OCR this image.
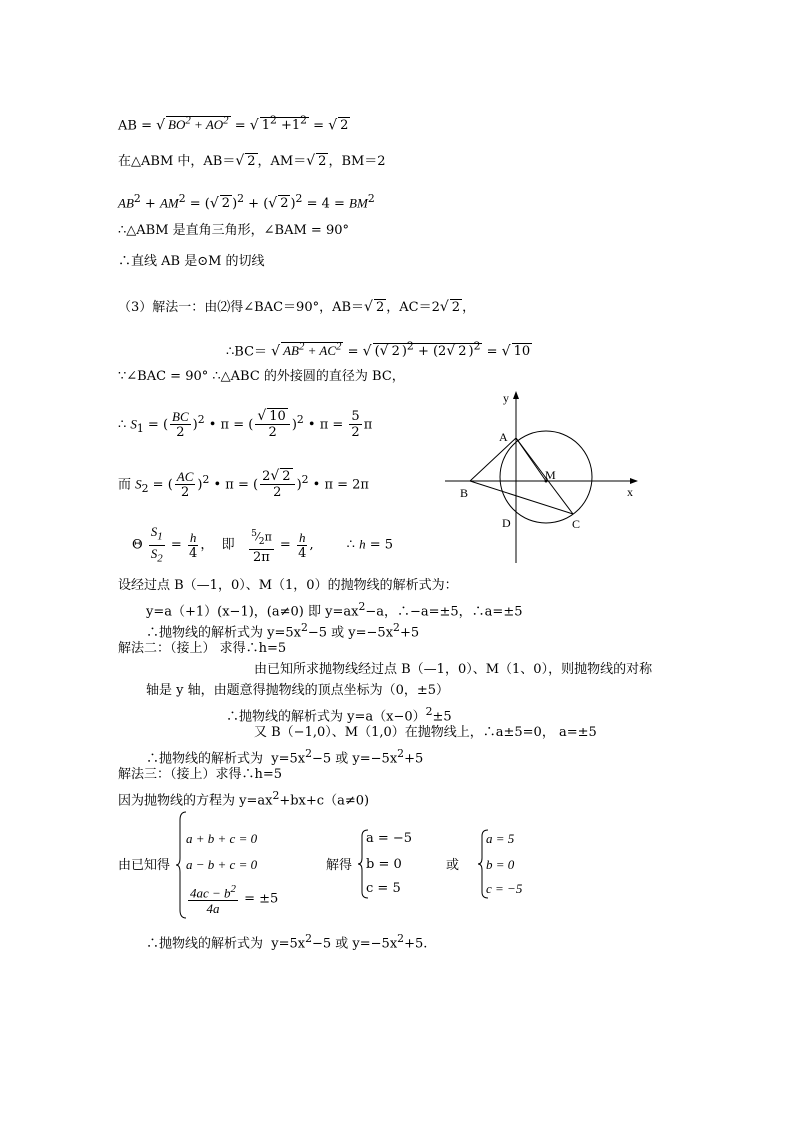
AB = √ $BO^2 + AO^2$ = √ $1^2 +1^2$ = √ 2
在△ABM 中，AB＝√ 2 ，AM＝√ 2 ，BM＝2
$AB^2 + AM^2$ = (√ 2 )$^2$ + (√ 2 )$^2 = 4 = BM^2$
∴△ABM 是直角三角形，∠BAM = 90°
∴直线 AB 是⊙M 的切线
（3）解法一：由⑵得∠BAC＝90°，AB＝√ 2 ，AC＝2√ 2 ，
∴BC＝ √ $AB^2 + AC^2$ = √ (√ 2 )$^2$ + (2√ 2 )$^2$ = √ 10
∵∠BAC = 90° ∴△ABC 的外接圆的直径为 BC，
∴ $S_1$ = ( $\frac{BC}{2} )^2$ • π = ( $\frac{√ 10}{2} )^2$ • $\pi = \frac{5}{2}$ π
而 $S_2$ = ( $\frac{AC}{2} )^2$ • π = ( $\frac{2√ 2}{2} )^2$ • π = 2π
Θ $\frac{S_1}{S_2} = \frac{h}{4}$ ，  即 $\frac{^5⁄_2\pi}{2\pi} = \frac{h}{4}$ ,        ∴ h = 5
x
y
A
B
C
D
M
设经过点 B（—1，0）、M（1，0）的抛物线的解析式为：
y=a（+1）(x−1)，(a≠0) 即 $y=ax^2-a$，∴−a=±5，∴a=±5
∴抛物线的解析式为 $y=5x^2-5$ 或 $y=-5x^2+5$
解法二：（接上） 求得∴h=5
由已知所求抛物线经过点 B（—1，0）、M（1、0），则抛物线的对称
轴是 y 轴，由题意得抛物线的顶点坐标为（0，±5）
∴抛物线的解析式为 $y=a(x-0)^2\pm 5$
又 B（−1,0）、M（1,0）在抛物线上，∴a±5=0， a=±5
∴抛物线的解析式为  $y=5x^2-5$ 或 $y=-5x^2+5$
解法三：（接上）求得∴h=5
因为抛物线的方程为 $y=ax^2+bx+c(a\ne 0)$
由已知得
a + b + c = 0
a − b + c = 0
$\frac{4ac - b^2}{4a} = \pm 5$
解得
a = −5
b = 0
c = 5
或
a = 5
b = 0
c = −5
∴抛物线的解析式为  $y=5x^2-5$ 或 $y=-5x^2+5$.
